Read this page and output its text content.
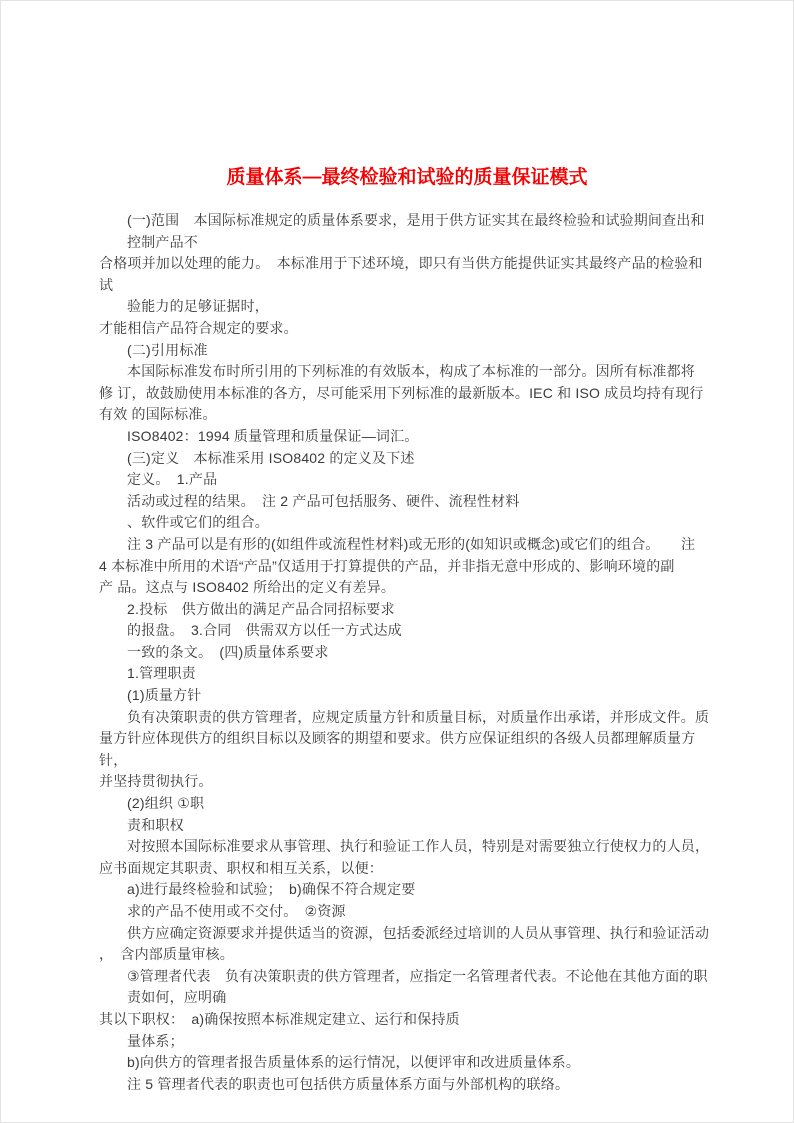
质量体系—最终检验和试验的质量保证模式
(一)范围　本国际标准规定的质量体系要求，是用于供方证实其在最终检验和试验期间查出和
控制产品不
合格项并加以处理的能力。　本标准用于下述环境，即只有当供方能提供证实其最终产品的检验和试
验能力的足够证据时，
才能相信产品符合规定的要求。
(二)引用标准
本国际标准发布时所引用的下列标准的有效版本，构成了本标准的一部分。因所有标准都将
修 订，故鼓励使用本标准的各方，尽可能采用下列标准的最新版本。IEC 和 ISO 成员均持有现行
有效 的国际标准。
ISO8402：1994 质量管理和质量保证—词汇。
(三)定义　本标准采用 ISO8402 的定义及下述
定义。　1.产品
活动或过程的结果。　注 2 产品可包括服务、硬件、流程性材料
、软件或它们的组合。
注 3 产品可以是有形的(如组件或流程性材料)或无形的(如知识或概念)或它们的组合。　　注
4 本标准中所用的术语“产品”仅适用于打算提供的产品，并非指无意中形成的、影响环境的副
产 品。这点与 ISO8402 所给出的定义有差异。
2.投标　供方做出的满足产品合同招标要求
的报盘。　3.合同　供需双方以任一方式达成
一致的条文。　(四)质量体系要求
1.管理职责
(1)质量方针
负有决策职责的供方管理者，应规定质量方针和质量目标，对质量作出承诺，并形成文件。质
量方针应体现供方的组织目标以及顾客的期望和要求。供方应保证组织的各级人员都理解质量方针，
并坚持贯彻执行。
(2)组织 ①职
责和职权
对按照本国际标准要求从事管理、执行和验证工作人员，特别是对需要独立行使权力的人员，
应书面规定其职责、职权和相互关系，以便：
a)进行最终检验和试验；　b)确保不符合规定要
求的产品不使用或不交付。　②资源
供方应确定资源要求并提供适当的资源，包括委派经过培训的人员从事管理、执行和验证活动
，　含内部质量审核。
③管理者代表　负有决策职责的供方管理者，应指定一名管理者代表。不论他在其他方面的职
责如何，应明确
其以下职权：　a)确保按照本标准规定建立、运行和保持质
量体系；
b)向供方的管理者报告质量体系的运行情况，以便评审和改进质量体系。
注 5 管理者代表的职责也可包括供方质量体系方面与外部机构的联络。
